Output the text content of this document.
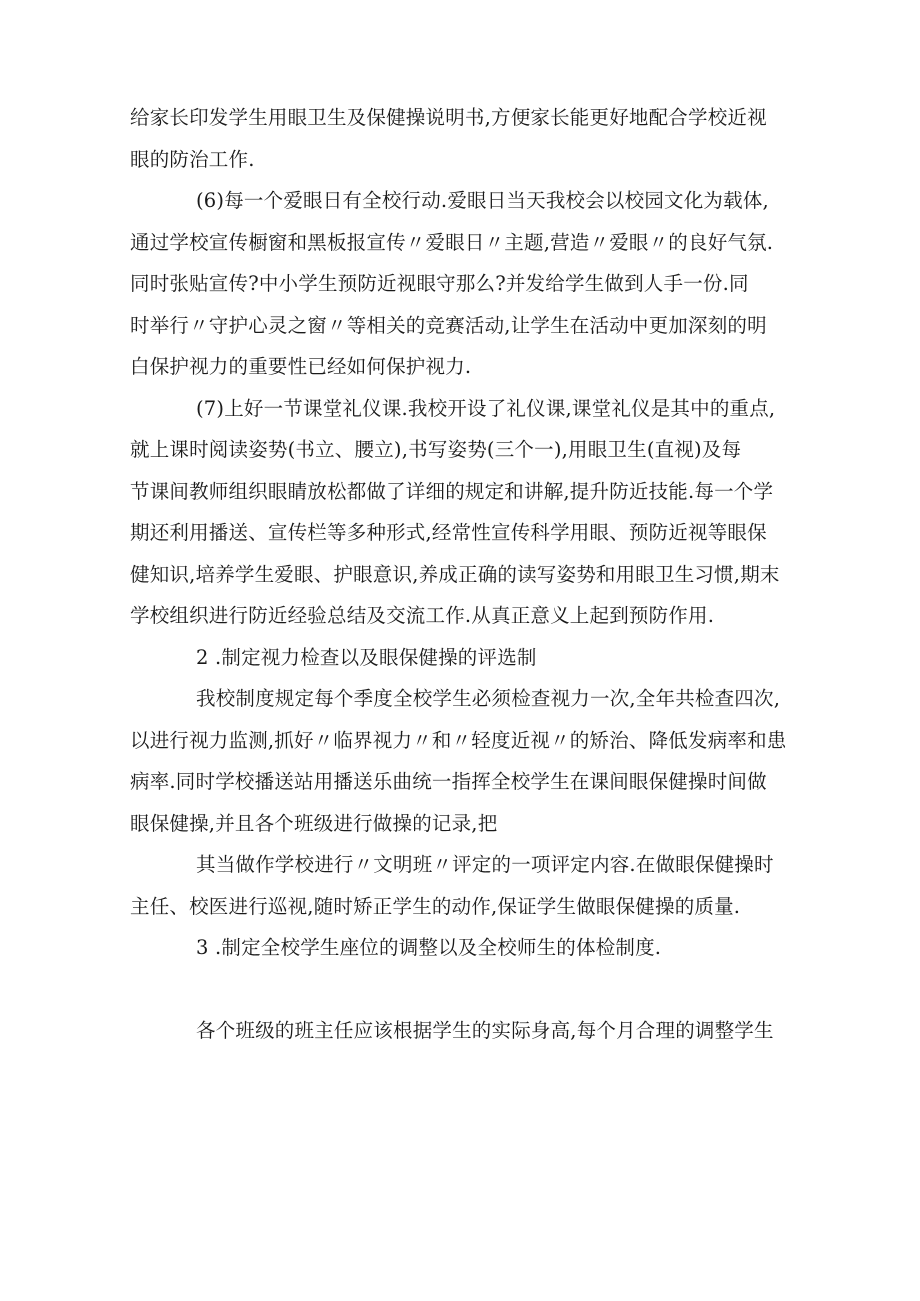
给家长印发学生用眼卫生及保健操说明书,方便家长能更好地配合学校近视
眼的防治工作.
(6)每一个爱眼日有全校行动.爱眼日当天我校会以校园文化为载体,
通过学校宣传橱窗和黑板报宣传〃爱眼日〃主题,营造〃爱眼〃的良好气氛.
同时张贴宣传?中小学生预防近视眼守那么?并发给学生做到人手一份.同
时举行〃守护心灵之窗〃等相关的竞赛活动,让学生在活动中更加深刻的明
白保护视力的重要性已经如何保护视力.
(7)上好一节课堂礼仪课.我校开设了礼仪课,课堂礼仪是其中的重点,
就上课时阅读姿势(书立、腰立),书写姿势(三个一),用眼卫生(直视)及每
节课间教师组织眼睛放松都做了详细的规定和讲解,提升防近技能.每一个学
期还利用播送、宣传栏等多种形式,经常性宣传科学用眼、预防近视等眼保
健知识,培养学生爱眼、护眼意识,养成正确的读写姿势和用眼卫生习惯,期末
学校组织进行防近经验总结及交流工作.从真正意义上起到预防作用.
2 .制定视力检查以及眼保健操的评选制
我校制度规定每个季度全校学生必须检查视力一次,全年共检查四次,
以进行视力监测,抓好〃临界视力〃和〃轻度近视〃的矫治、降低发病率和患
病率.同时学校播送站用播送乐曲统一指挥全校学生在课间眼保健操时间做
眼保健操,并且各个班级进行做操的记录,把
其当做作学校进行〃文明班〃评定的一项评定内容.在做眼保健操时
主任、校医进行巡视,随时矫正学生的动作,保证学生做眼保健操的质量.
3 .制定全校学生座位的调整以及全校师生的体检制度.
各个班级的班主任应该根据学生的实际身高,每个月合理的调整学生
